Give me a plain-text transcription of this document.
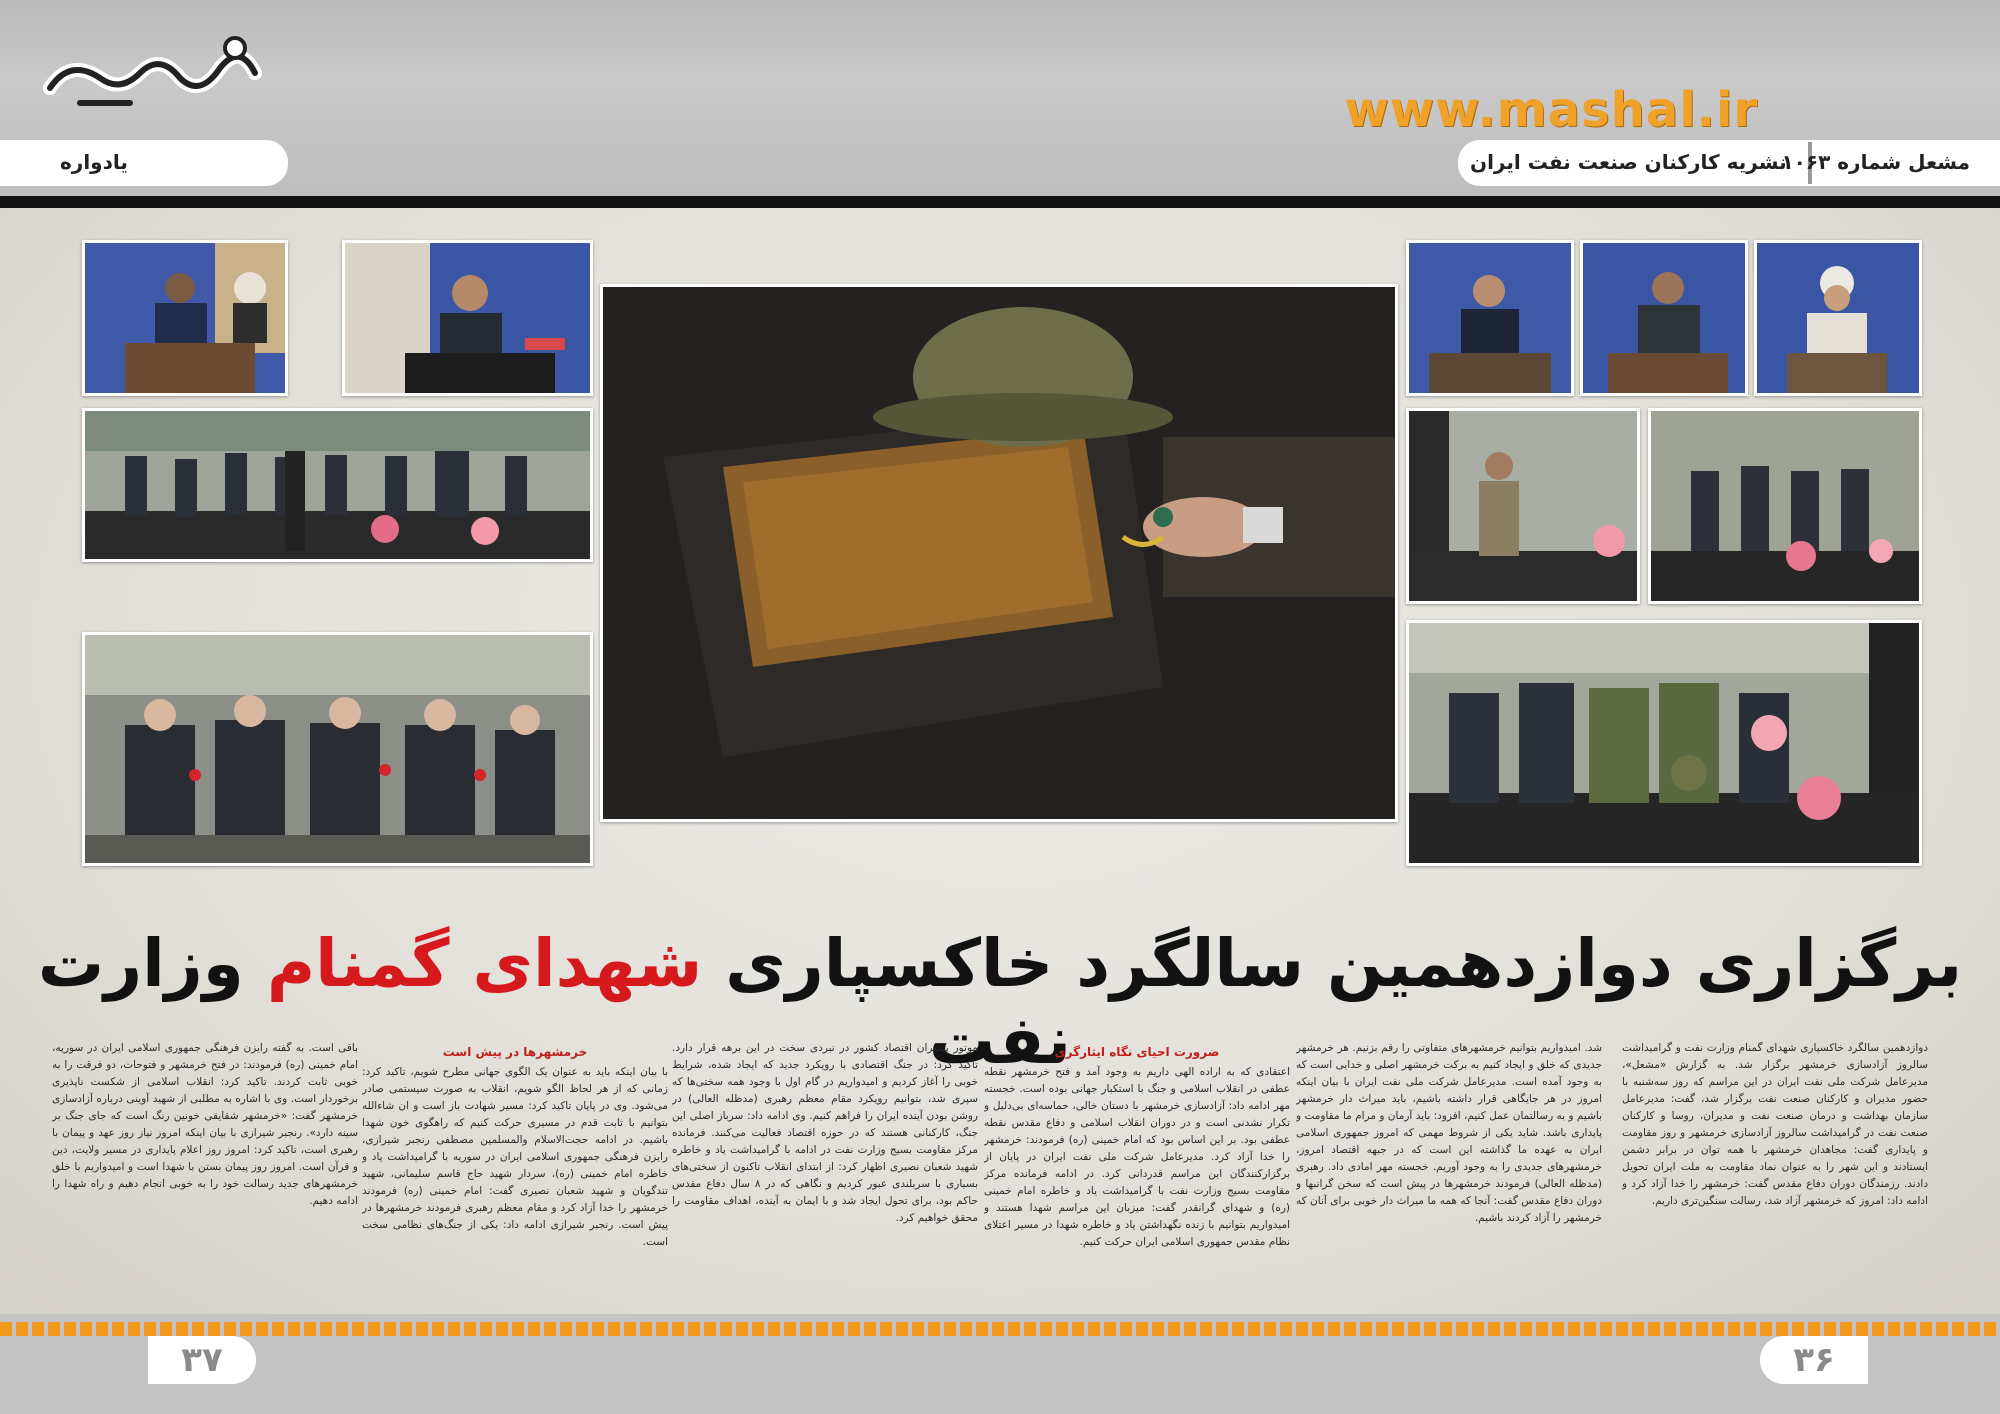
www.mashal.ir
یادواره	نشریه کارکنان صنعت نفت ایران
مشعل شماره ۱۰۶۳
برگزاری دوازدهمین سالگرد خاکسپاری شهدای گمنام وزارت نفت	دوازدهمین سالگرد خاکسپاری شهدای گمنام وزارت نفت و گرامیداشت سالروز آزادسازی خرمشهر برگزار شد. به گزارش «مشعل»، مدیرعامل شرکت ملی نفت ایران در این مراسم که روز سه‌شنبه با حضور مدیران و کارکنان صنعت نفت برگزار شد، گفت: مدیرعامل سازمان بهداشت و درمان صنعت نفت و مدیران، روسا و کارکنان صنعت نفت در گرامیداشت سالروز آزادسازی خرمشهر و روز مقاومت و پایداری گفت: مجاهدان خرمشهر با همه توان در برابر دشمن ایستادند و این شهر را به عنوان نماد مقاومت به ملت ایران تحویل دادند. رزمندگان دوران دفاع مقدس گفت: خرمشهر را خدا آزاد کرد و ادامه داد: امروز که خرمشهر آزاد شد، رسالت سنگین‌تری داریم.
شد. امیدواریم بتوانیم خرمشهرهای متفاوتی را رقم بزنیم. هر خرمشهر جدیدی که خلق و ایجاد کنیم به برکت خرمشهر اصلی و خدایی است که به وجود آمده است. مدیرعامل شرکت ملی نفت ایران با بیان اینکه امروز در هر جایگاهی قرار داشته باشیم، باید میراث دار خرمشهر باشیم و به رسالتمان عمل کنیم، افزود: باید آرمان و مرام ما مقاومت و پایداری باشد. شاید یکی از شروط مهمی که امروز جمهوری اسلامی ایران به عهده ما گذاشته این است که در جبهه اقتصاد امروز، خرمشهرهای جدیدی را به وجود آوریم. خجسته مهر امادی داد. رهبری (مدظله العالی) فرمودند خرمشهرها در پیش است که سخن گرانبها و دوران دفاع مقدس گفت: آنجا که همه ما میراث دار خوبی برای آنان که خرمشهر را آزاد کردند باشیم.
ضرورت احیای نگاه ایثارگری
اعتقادی که به اراده الهی داریم به وجود آمد و فتح خرمشهر نقطه عطفی در انقلاب اسلامی و جنگ با استکبار جهانی بوده است. خجسته مهر ادامه داد: آزادسازی خرمشهر با دستان خالی، حماسه‌ای بی‌دلیل و تکرار نشدنی است و در دوران انقلاب اسلامی و دفاع مقدس نقطه عطفی بود. بر این اساس بود که امام خمینی (ره) فرمودند: خرمشهر را خدا آزاد کرد. مدیرعامل شرکت ملی نفت ایران در پایان از برگزارکنندگان این مراسم قدردانی کرد. در ادامه فرمانده مرکز مقاومت بسیج وزارت نفت با گرامیداشت یاد و خاطره امام خمینی (ره) و شهدای گرانقدر گفت: میزبان این مراسم شهدا هستند و امیدواریم بتوانیم با زنده نگهداشتن یاد و خاطره شهدا در مسیر اعتلای نظام مقدس جمهوری اسلامی ایران حرکت کنیم.
موتور پیشران اقتصاد کشور در نبردی سخت در این برهه قرار دارد. تاکید کرد: در جنگ اقتصادی با رویکرد جدید که ایجاد شده، شرایط خوبی را آغاز کردیم و امیدواریم در گام اول با وجود همه سختی‌ها که سپری شد، بتوانیم رویکرد مقام معظم رهبری (مدظله العالی) در روشن بودن آینده ایران را فراهم کنیم. وی ادامه داد: سرباز اصلی این جنگ، کارکنانی هستند که در حوزه اقتصاد فعالیت می‌کنند. فرمانده مرکز مقاومت بسیج وزارت نفت در ادامه با گرامیداشت یاد و خاطره شهید شعبان نصیری اظهار کرد: از ابتدای انقلاب تاکنون از سختی‌های بسیاری با سربلندی عبور کردیم و نگاهی که در ۸ سال دفاع مقدس حاکم بود، برای تحول ایجاد شد و با ایمان به آینده، اهداف مقاومت را محقق خواهیم کرد.
خرمشهرها در پیش است
با بیان اینکه باید به عنوان یک الگوی جهانی مطرح شویم، تاکید کرد: زمانی که از هر لحاظ الگو شویم، انقلاب به صورت سیستمی صادر می‌شود. وی در پایان تاکید کرد: مسیر شهادت باز است و ان شاءالله بتوانیم با ثابت قدم در مسیری حرکت کنیم که راهگوی خون شهدا باشیم. در ادامه حجت‌الاسلام والمسلمین مصطفی رنجبر شیرازی، رایزن فرهنگی جمهوری اسلامی ایران در سوریه با گرامیداشت یاد و خاطره امام خمینی (ره)، سردار شهید حاج قاسم سلیمانی، شهید تندگویان و شهید شعبان نصیری گفت: امام خمینی (ره) فرمودند خرمشهر را خدا آزاد کرد و مقام معظم رهبری فرمودند خرمشهرها در پیش است. رنجبر شیرازی ادامه داد: یکی از جنگ‌های نظامی سخت است.
باقی است. به گفته رایزن فرهنگی جمهوری اسلامی ایران در سوریه، امام خمینی (ره) فرمودند: در فتح خرمشهر و فتوحات، دو فرقت را به خوبی ثابت کردند. تاکید کرد: انقلاب اسلامی از شکست ناپذیری برخوردار است. وی با اشاره به مطلبی از شهید آوینی درباره آزادسازی خرمشهر گفت: «خرمشهر شقایقی خونین رنگ است که جای جنگ بر سینه دارد». رنجبر شیرازی با بیان اینکه امروز نیاز روز عهد و پیمان با رهبری است، تاکید کرد: امروز روز اعلام پایداری در مسیر ولایت، دین و قرآن است. امروز روز پیمان بستن با شهدا است و امیدواریم با خلق خرمشهرهای جدید رسالت خود را به خوبی انجام دهیم و راه شهدا را ادامه دهیم.
۳۷	۳۶
